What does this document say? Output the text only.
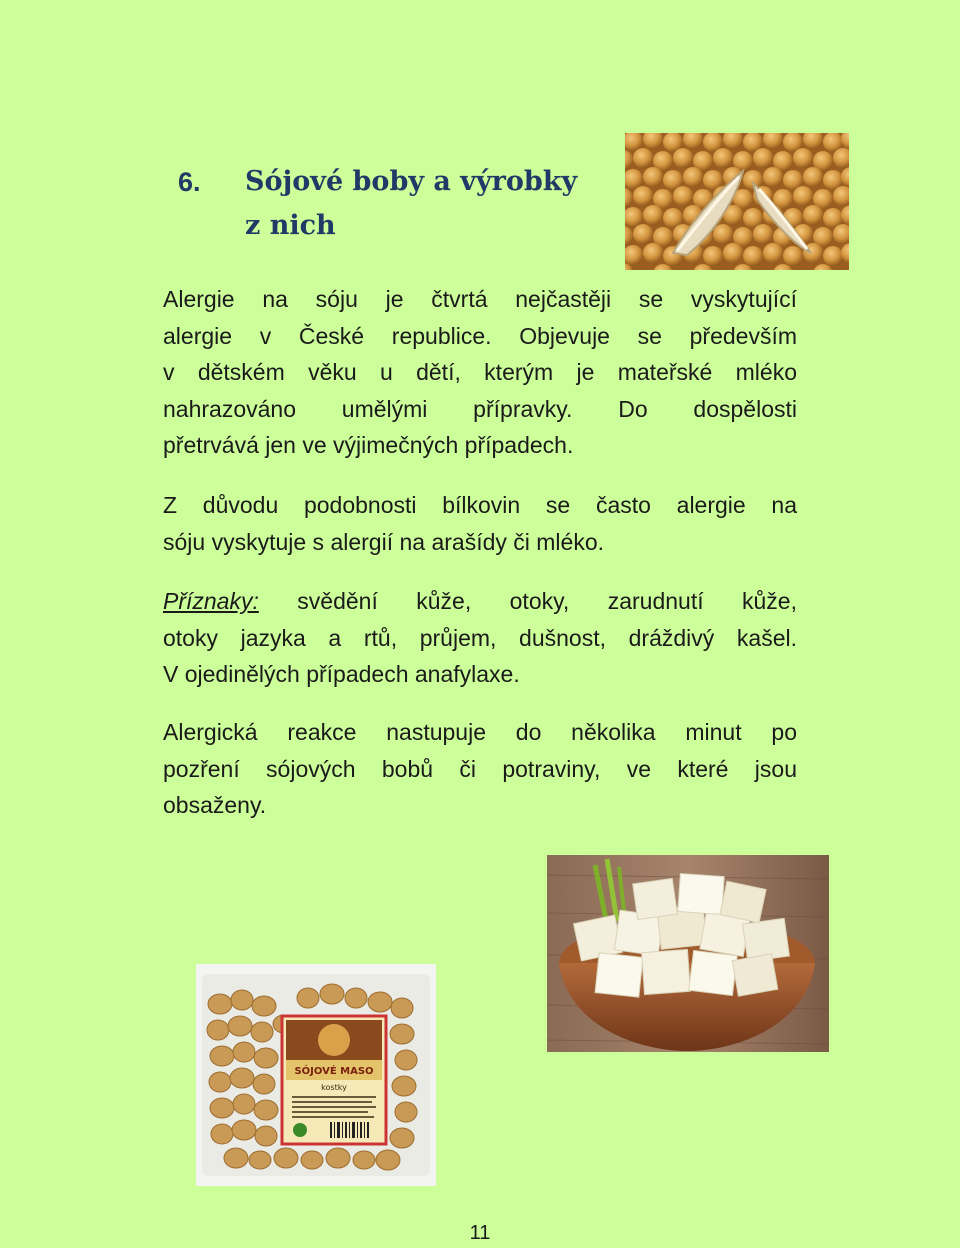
6. Sójové boby a výrobky
z nich
Alergie na sóju je čtvrtá nejčastěji se vyskytující
alergie v České republice. Objevuje se především
v dětském věku u dětí, kterým je mateřské mléko
nahrazováno umělými přípravky. Do dospělosti
přetrvává jen ve výjimečných případech.
Z důvodu podobnosti bílkovin se často alergie na
sóju vyskytuje s alergií na arašídy či mléko.
Příznaky: svědění kůže, otoky, zarudnutí kůže,
otoky jazyka a rtů, průjem, dušnost, dráždivý kašel.
V ojedinělých případech anafylaxe.
Alergická reakce nastupuje do několika minut po
pozření sójových bobů či potraviny, ve které jsou
obsaženy.
SÓJOVÉ MASO
kostky
11
